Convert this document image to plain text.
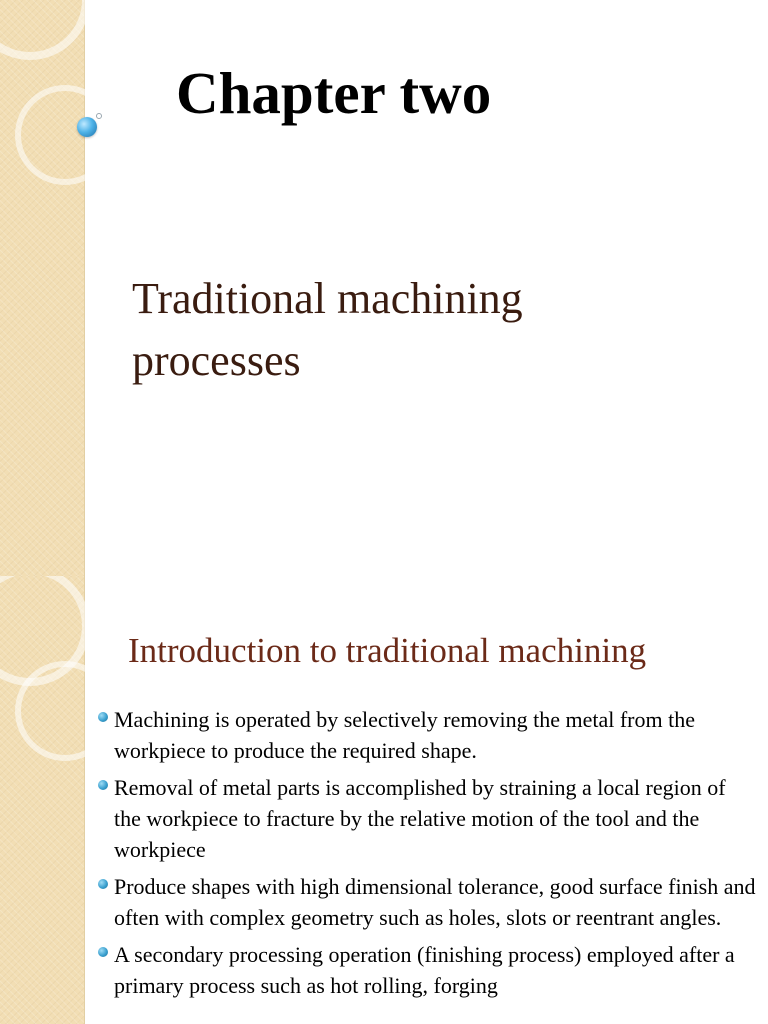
Chapter two
Traditional machining processes
Introduction to traditional machining
Machining is operated by selectively removing the metal from the workpiece to produce the required shape.
Removal of metal parts is accomplished by straining a local region of the workpiece to fracture by the relative motion of the tool and the workpiece
Produce shapes with high dimensional tolerance, good surface finish and often with complex geometry such as holes, slots or reentrant angles.
A secondary processing operation (finishing process) employed after a primary process such as hot rolling, forging
